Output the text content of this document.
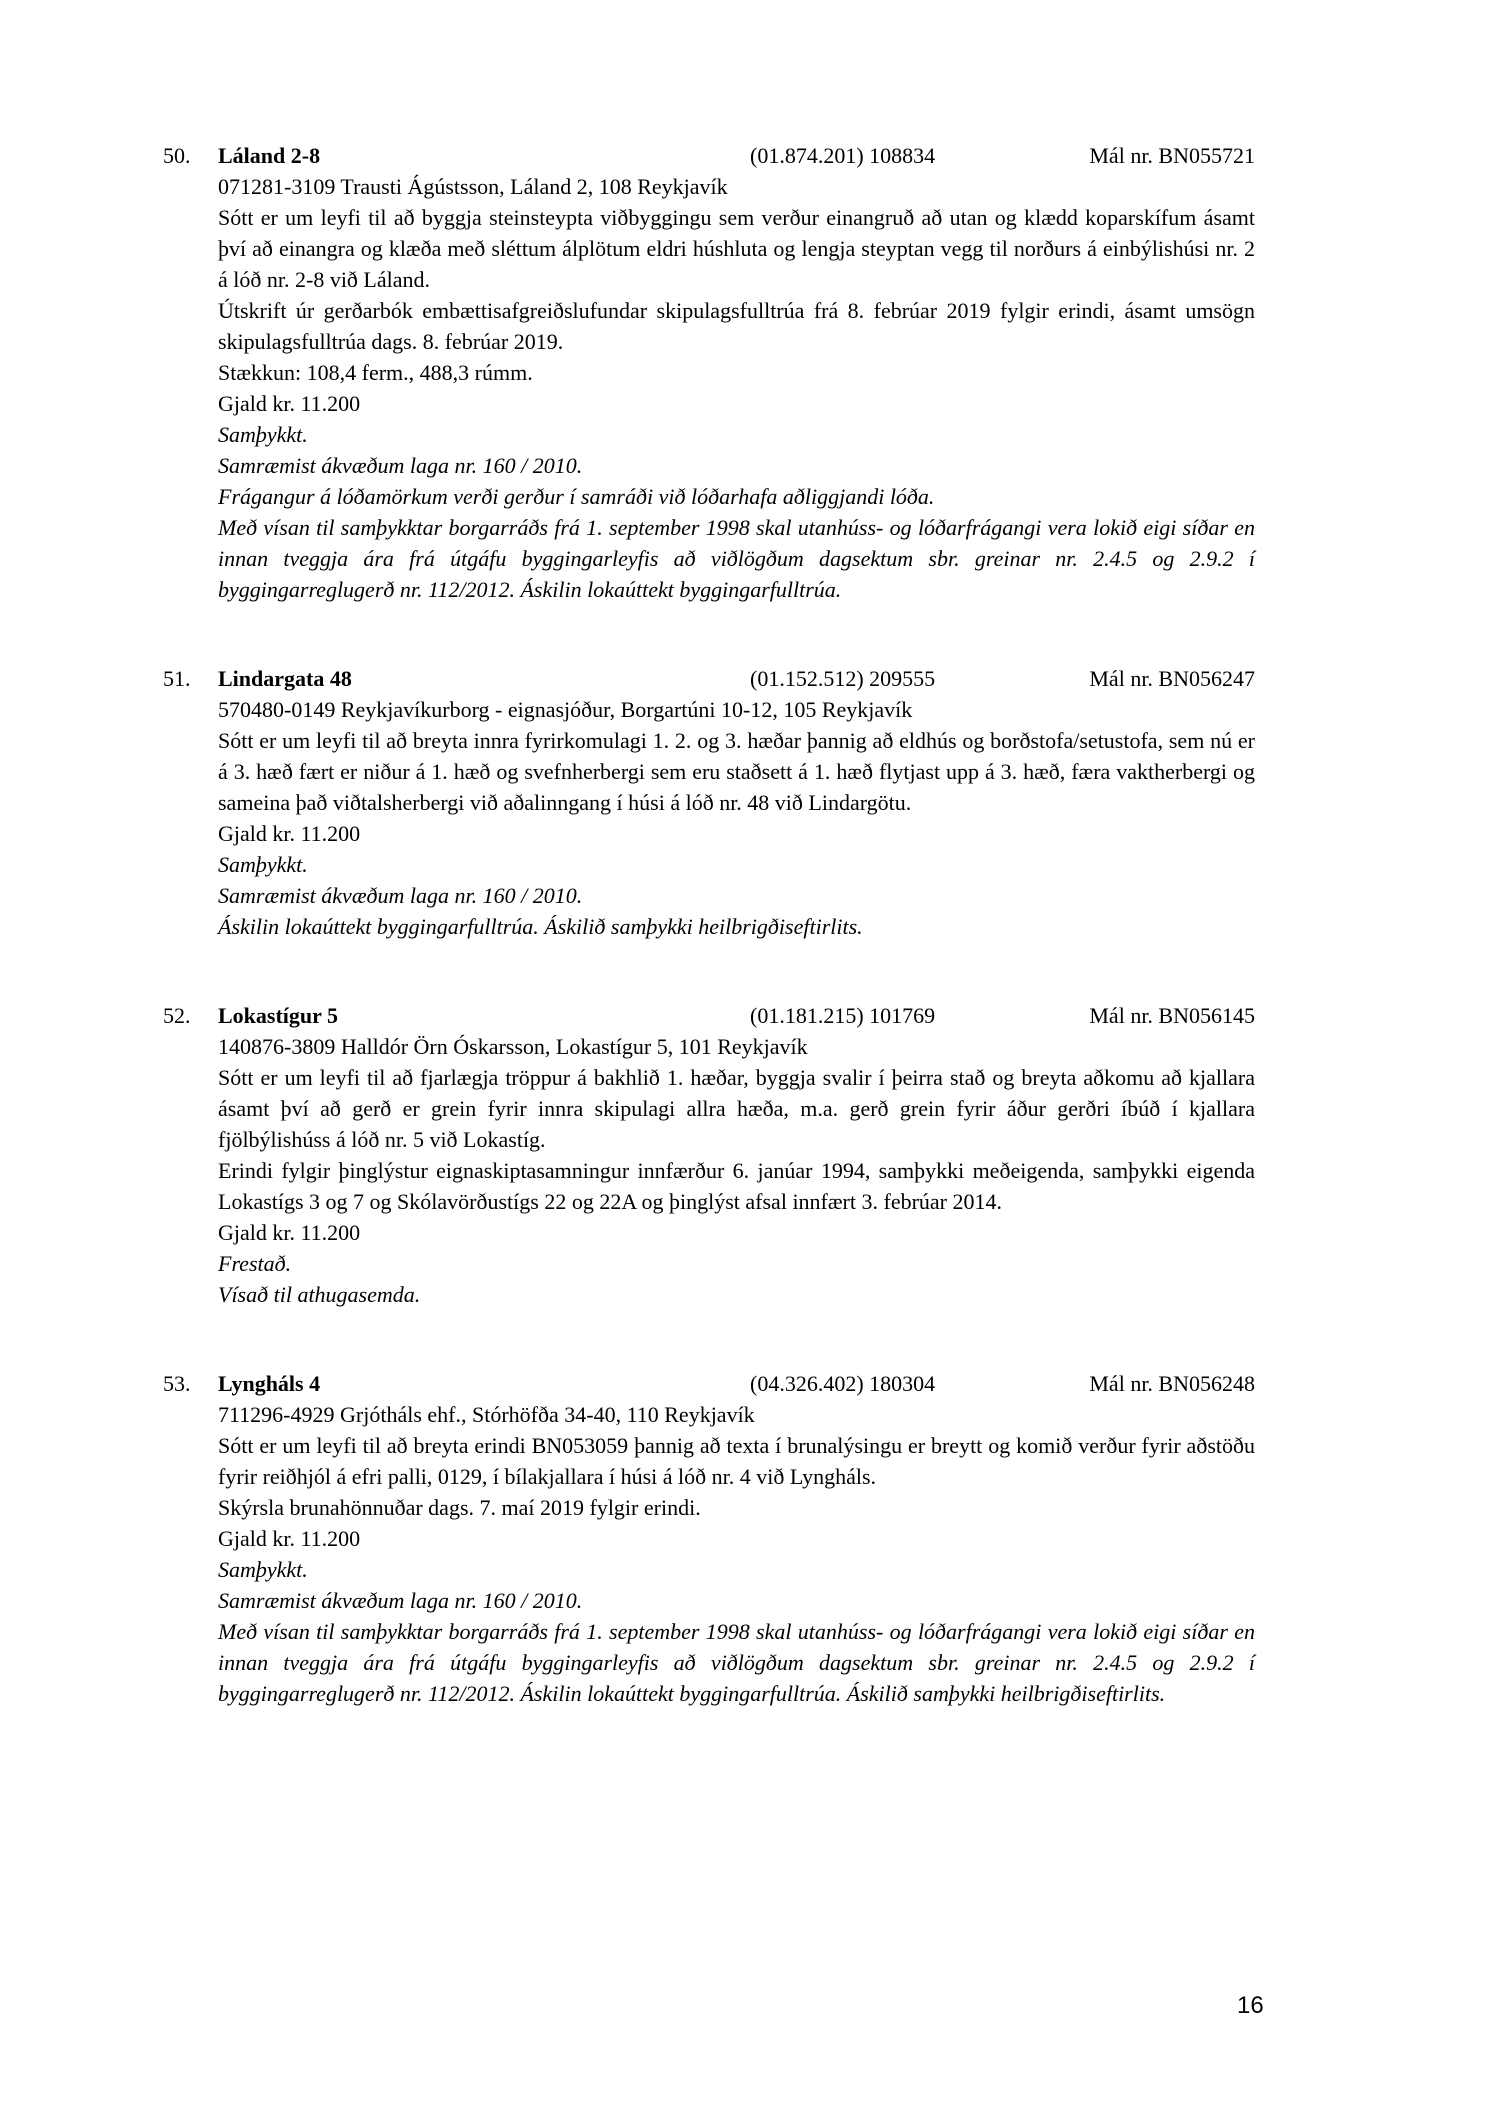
50.	Láland 2-8	(01.874.201) 108834	Mál nr. BN055721
071281-3109 Trausti Ágústsson, Láland 2, 108 Reykjavík
Sótt er um leyfi til að byggja steinsteypta viðbyggingu sem verður einangruð að utan og klædd koparskífum ásamt því að einangra og klæða með sléttum álplötum eldri húshluta og lengja steyptan vegg til norðurs á einbýlishúsi nr. 2 á lóð nr. 2-8 við Láland.
Útskrift úr gerðarbók embættisafgreiðslufundar skipulagsfulltrúa frá 8. febrúar 2019 fylgir erindi, ásamt umsögn skipulagsfulltrúa dags. 8. febrúar 2019.
Stækkun: 108,4 ferm., 488,3 rúmm.
Gjald kr. 11.200
Samþykkt.
Samræmist ákvæðum laga nr. 160 / 2010.
Frágangur á lóðamörkum verði gerður í samráði við lóðarhafa aðliggjandi lóða.
Með vísan til samþykktar borgarráðs frá 1. september 1998 skal utanhúss- og lóðarfrágangi vera lokið eigi síðar en innan tveggja ára frá útgáfu byggingarleyfis að viðlögðum dagsektum sbr. greinar nr. 2.4.5 og 2.9.2 í byggingarreglugerð nr. 112/2012. Áskilin lokaúttekt byggingarfulltrúa.
51.	Lindargata 48	(01.152.512) 209555	Mál nr. BN056247
570480-0149 Reykjavíkurborg - eignasjóður, Borgartúni 10-12, 105 Reykjavík
Sótt er um leyfi til að breyta innra fyrirkomulagi 1. 2. og 3. hæðar þannig að eldhús og borðstofa/setustofa, sem nú er á 3. hæð fært er niður á 1. hæð og svefnherbergi sem eru staðsett á 1. hæð flytjast upp á 3. hæð, færa vaktherbergi og sameina það viðtalsherbergi við aðalinngang í húsi á lóð nr. 48 við Lindargötu.
Gjald kr. 11.200
Samþykkt.
Samræmist ákvæðum laga nr. 160 / 2010.
Áskilin lokaúttekt byggingarfulltrúa. Áskilið samþykki heilbrigðiseftirlits.
52.	Lokastígur 5	(01.181.215) 101769	Mál nr. BN056145
140876-3809 Halldór Örn Óskarsson, Lokastígur 5, 101 Reykjavík
Sótt er um leyfi til að fjarlægja tröppur á bakhlið 1. hæðar, byggja svalir í þeirra stað og breyta aðkomu að kjallara ásamt því að gerð er grein fyrir innra skipulagi allra hæða, m.a. gerð grein fyrir áður gerðri íbúð í kjallara fjölbýlishúss á lóð nr. 5 við Lokastíg.
Erindi fylgir þinglýstur eignaskiptasamningur innfærður 6. janúar 1994, samþykki meðeigenda, samþykki eigenda Lokastígs 3 og 7 og Skólavörðustígs 22 og 22A og þinglýst afsal innfært 3. febrúar 2014.
Gjald kr. 11.200
Frestað.
Vísað til athugasemda.
53.	Lyngháls 4	(04.326.402) 180304	Mál nr. BN056248
711296-4929 Grjótháls ehf., Stórhöfða 34-40, 110 Reykjavík
Sótt er um leyfi til að breyta erindi BN053059 þannig að texta í brunalýsingu er breytt og komið verður fyrir aðstöðu fyrir reiðhjól á efri palli, 0129, í bílakjallara í húsi á lóð nr. 4 við Lyngháls.
Skýrsla brunahönnuðar dags. 7. maí 2019 fylgir erindi.
Gjald kr. 11.200
Samþykkt.
Samræmist ákvæðum laga nr. 160 / 2010.
Með vísan til samþykktar borgarráðs frá 1. september 1998 skal utanhúss- og lóðarfrágangi vera lokið eigi síðar en innan tveggja ára frá útgáfu byggingarleyfis að viðlögðum dagsektum sbr. greinar nr. 2.4.5 og 2.9.2 í byggingarreglugerð nr. 112/2012. Áskilin lokaúttekt byggingarfulltrúa. Áskilið samþykki heilbrigðiseftirlits.
16
